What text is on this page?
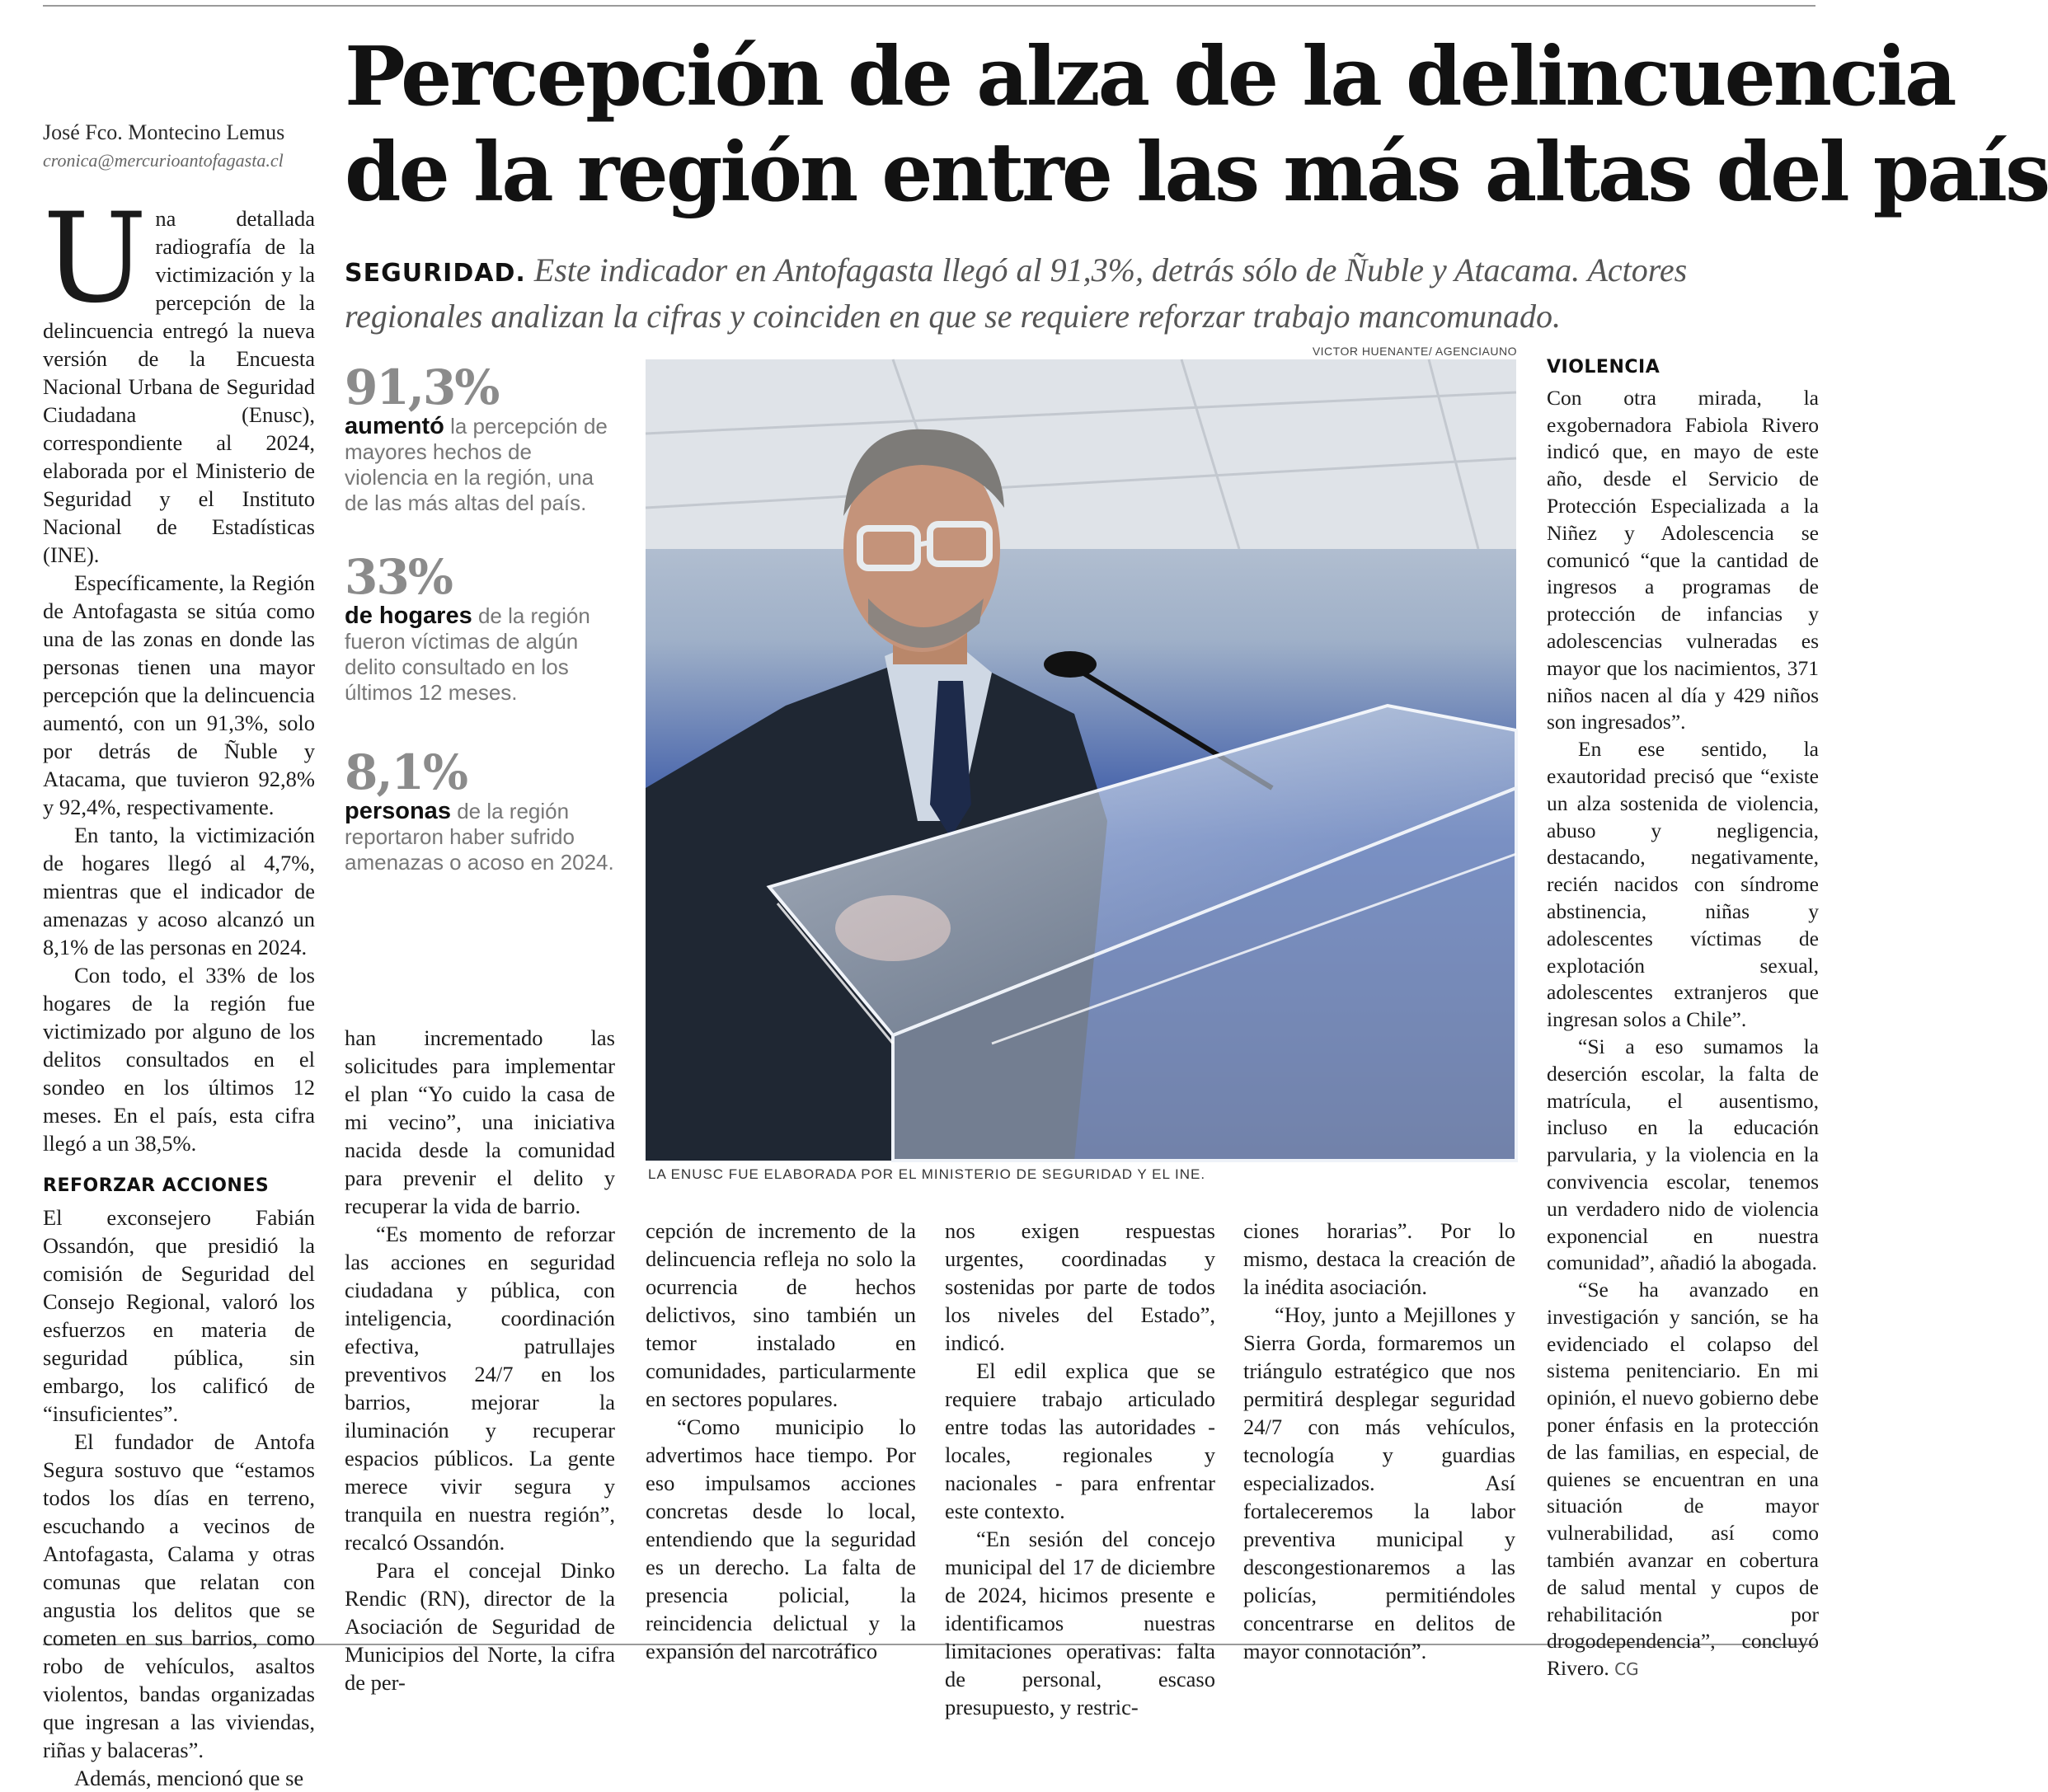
Percepción de alza de la delincuencia
de la región entre las más altas del país
José Fco. Montecino Lemus
cronica@mercurioantofagasta.cl
SEGURIDAD. Este indicador en Antofagasta llegó al 91,3%, detrás sólo de Ñuble y Atacama. Actores regionales analizan la cifras y coinciden en que se requiere reforzar trabajo mancomunado.

Una detallada radiografía de la victimización y la percepción de la delincuencia entregó la nueva versión de la Encuesta Nacional Urbana de Seguridad Ciudadana (Enusc), correspondiente al 2024, elaborada por el Ministerio de Seguridad y el Instituto Nacional de Estadísticas (INE).

Específicamente, la Región de Antofagasta se sitúa como una de las zonas en donde las personas tienen una mayor percepción que la delincuencia aumentó, con un 91,3%, solo por detrás de Ñuble y Atacama, que tuvieron 92,8% y 92,4%, respectivamente.

En tanto, la victimización de hogares llegó al 4,7%, mientras que el indicador de amenazas y acoso alcanzó un 8,1% de las personas en 2024.

Con todo, el 33% de los hogares de la región fue victimizado por alguno de los delitos consultados en el sondeo en los últimos 12 meses. En el país, esta cifra llegó a un 38,5%.

REFORZAR ACCIONES

El exconsejero Fabián Ossandón, que presidió la comisión de Seguridad del Consejo Regional, valoró los esfuerzos en materia de seguridad pública, sin embargo, los calificó de “insuficientes”.

El fundador de Antofa Segura sostuvo que “estamos todos los días en terreno, escuchando a vecinos de Antofagasta, Calama y otras comunas que relatan con angustia los delitos que se cometen en sus barrios, como robo de vehículos, asaltos violentos, bandas organizadas que ingresan a las viviendas, riñas y balaceras”.

Además, mencionó que se

91,3%
aumentó la percepción de mayores hechos de violencia en la región, una de las más altas del país.
33%
de hogares de la región fueron víctimas de algún delito consultado en los últimos 12 meses.
8,1%
personas de la región reportaron haber sufrido amenazas o acoso en 2024.
VICTOR HUENANTE/ AGENCIAUNO
LA ENUSC FUE ELABORADA POR EL MINISTERIO DE SEGURIDAD Y EL INE.

han incrementado las solicitudes para implementar el plan “Yo cuido la casa de mi vecino”, una iniciativa nacida desde la comunidad para prevenir el delito y recuperar la vida de barrio.

“Es momento de reforzar las acciones en seguridad ciudadana y pública, con inteligencia, coordinación efectiva, patrullajes preventivos 24/7 en los barrios, mejorar la iluminación y recuperar espacios públicos. La gente merece vivir segura y tranquila en nuestra región”, recalcó Ossandón.

Para el concejal Dinko Rendic (RN), director de la Asociación de Seguridad de Municipios del Norte, la cifra de per-

cepción de incremento de la delincuencia refleja no solo la ocurrencia de hechos delictivos, sino también un temor instalado en comunidades, particularmente en sectores populares.

“Como municipio lo advertimos hace tiempo. Por eso impulsamos acciones concretas desde lo local, entendiendo que la seguridad es un derecho. La falta de presencia policial, la reincidencia delictual y la expansión del narcotráfico

nos exigen respuestas urgentes, coordinadas y sostenidas por parte de todos los niveles del Estado”, indicó.

El edil explica que se requiere trabajo articulado entre todas las autoridades - locales, regionales y nacionales - para enfrentar este contexto.

“En sesión del concejo municipal del 17 de diciembre de 2024, hicimos presente e identificamos nuestras limitaciones operativas: falta de personal, escaso presupuesto, y restric-

ciones horarias”. Por lo mismo, destaca la creación de la inédita asociación.

“Hoy, junto a Mejillones y Sierra Gorda, formaremos un triángulo estratégico que nos permitirá desplegar seguridad 24/7 con más vehículos, tecnología y guardias especializados. Así fortaleceremos la labor preventiva municipal y descongestionaremos a las policías, permitiéndoles concentrarse en delitos de mayor connotación”.

VIOLENCIA

Con otra mirada, la exgobernadora Fabiola Rivero indicó que, en mayo de este año, desde el Servicio de Protección Especializada a la Niñez y Adolescencia se comunicó “que la cantidad de ingresos a programas de protección de infancias y adolescencias vulneradas es mayor que los nacimientos, 371 niños nacen al día y 429 niños son ingresados”.

En ese sentido, la exautoridad precisó que “existe un alza sostenida de violencia, abuso y negligencia, destacando, negativamente, recién nacidos con síndrome abstinencia, niñas y adolescentes víctimas de explotación sexual, adolescentes extranjeros que ingresan solos a Chile”.

“Si a eso sumamos la deserción escolar, la falta de matrícula, el ausentismo, incluso en la educación parvularia, y la violencia en la convivencia escolar, tenemos un verdadero nido de violencia exponencial en nuestra comunidad”, añadió la abogada.

“Se ha avanzado en investigación y sanción, se ha evidenciado el colapso del sistema penitenciario. En mi opinión, el nuevo gobierno debe poner énfasis en la protección de las familias, en especial, de quienes se encuentran en una situación de mayor vulnerabilidad, así como también avanzar en cobertura de salud mental y cupos de rehabilitación por drogodependencia”, concluyó Rivero. CG
